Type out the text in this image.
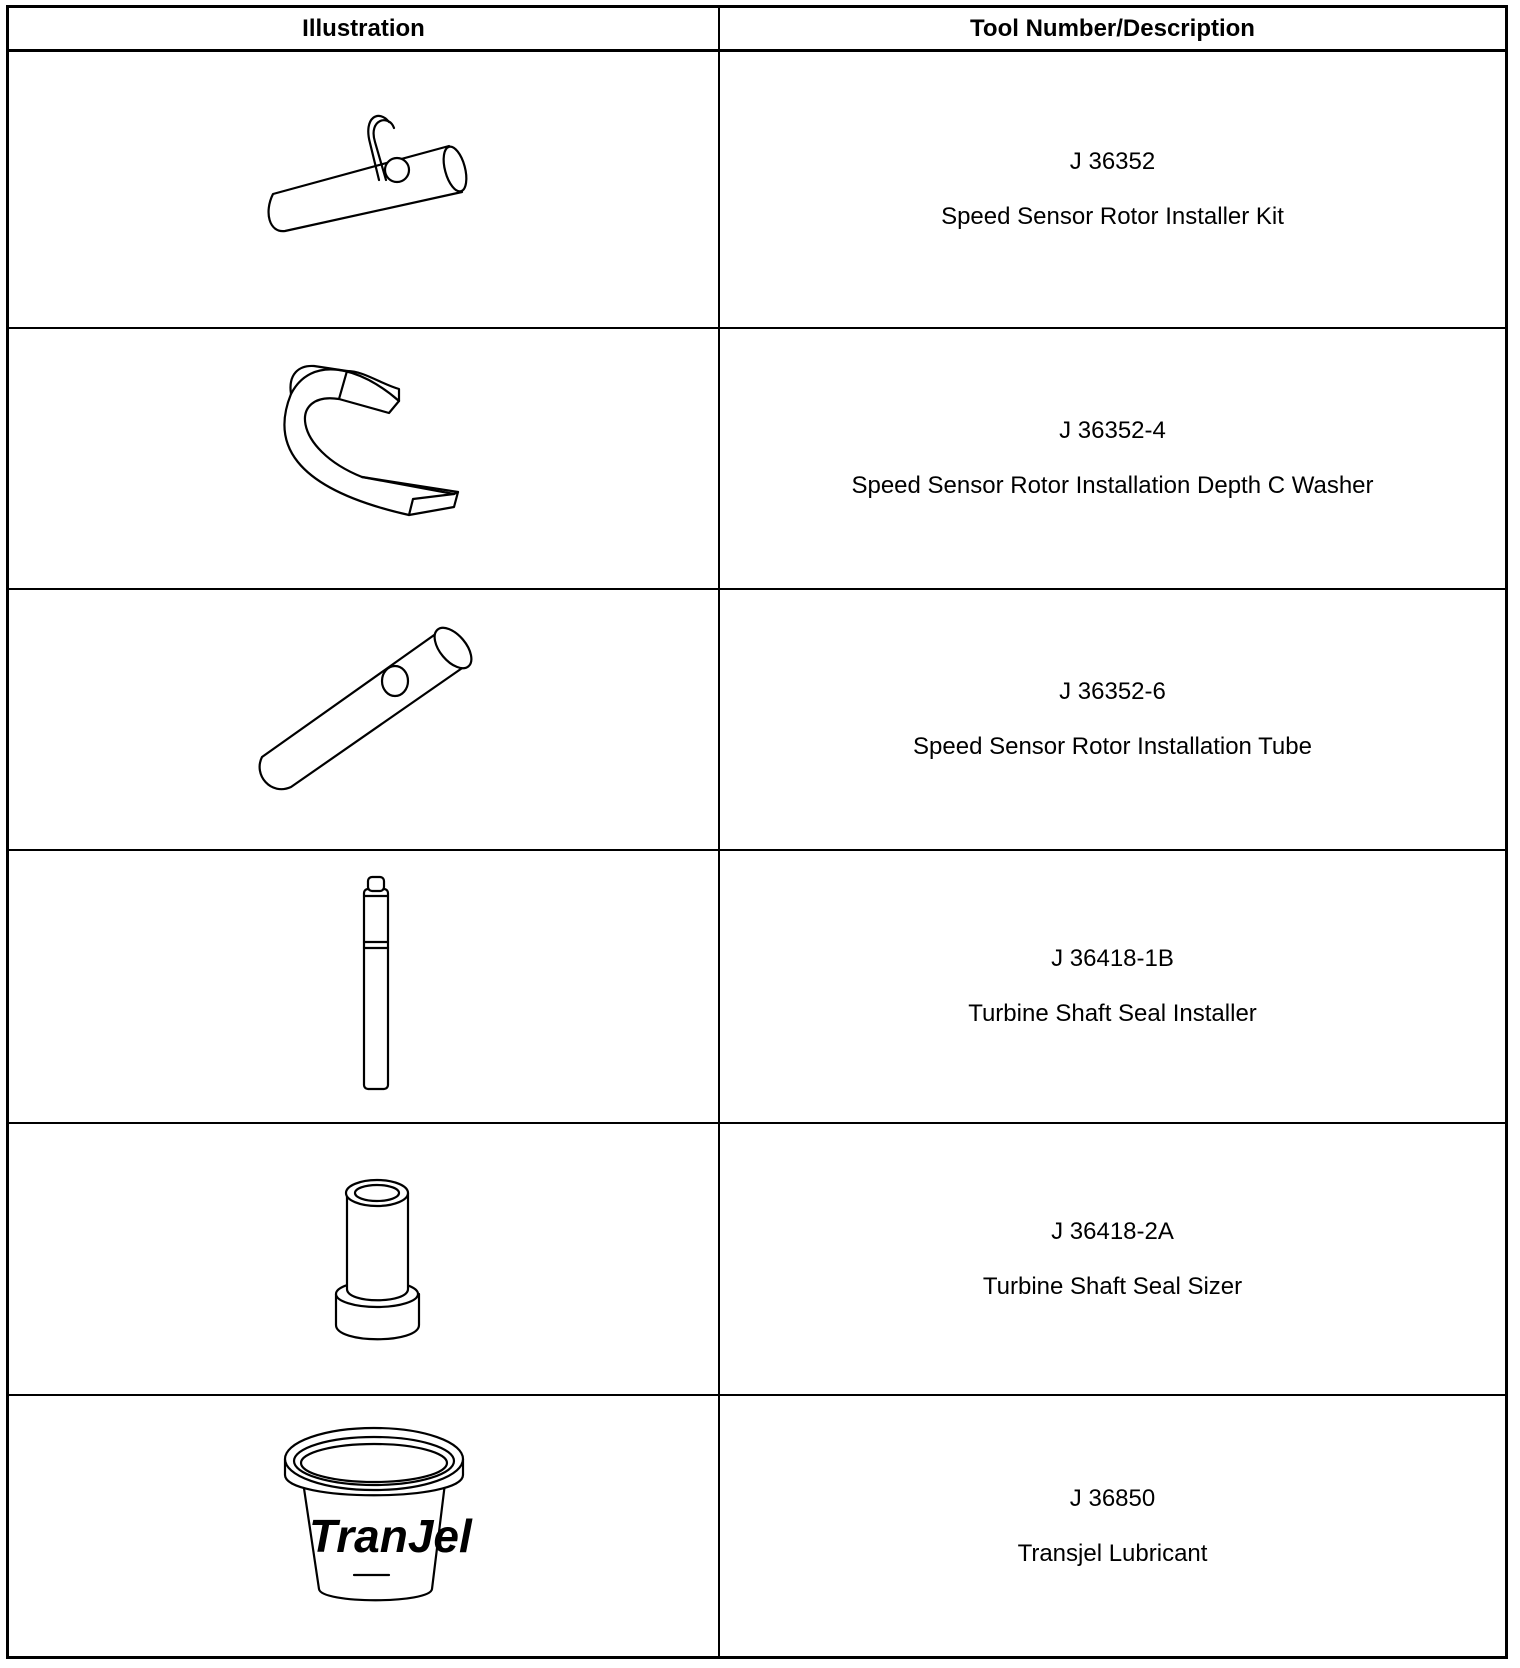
Illustration	Tool Number/Description
J 36352
Speed Sensor Rotor Installer Kit
J 36352-4
Speed Sensor Rotor Installation Depth C Washer
J 36352-6
Speed Sensor Rotor Installation Tube
J 36418-1B
Turbine Shaft Seal Installer
J 36418-2A
Turbine Shaft Seal Sizer
TranJel
J 36850
Transjel Lubricant
